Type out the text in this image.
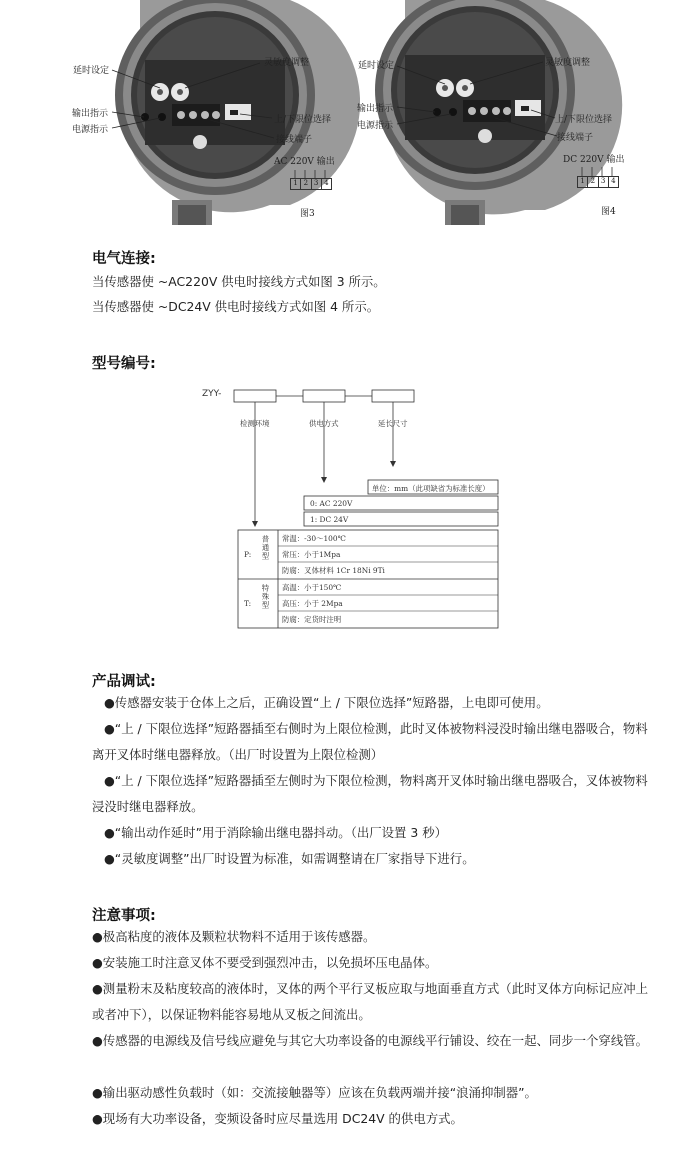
延时设定
灵敏度调整
输出指示
电源指示
上/下限位选择
接线端子
AC 220V 输出
1 2 3 4
图3
延时设定	灵敏度调整
输出指示
电源指示
上/下限位选择
接线端子
DC 220V 输出
1 2 3 4
图4
电气连接:
当传感器使 ~AC220V 供电时接线方式如图 3 所示。
当传感器使 ~DC24V 供电时接线方式如图 4 所示。
型号编号:
ZYY-
检测环境	供电方式	延长尺寸
单位：mm（此项缺省为标准长度）
0: AC 220V
1: DC 24V
P: 普通型 常温：-30～100℃
常压：小于1Mpa
防腐：叉体材料 1Cr 18Ni 9Ti
T: 特殊型 高温：小于150℃
高压：小于 2Mpa
防腐：定货时注明
产品调试:
●传感器安装于仓体上之后，正确设置“上 / 下限位选择”短路器，上电即可使用。
●“上 / 下限位选择”短路器插至右侧时为上限位检测，此时叉体被物料浸没时输出继电器吸合，物料离开叉体时继电器释放。（出厂时设置为上限位检测）
●“上 / 下限位选择”短路器插至左侧时为下限位检测，物料离开叉体时输出继电器吸合，叉体被物料浸没时继电器释放。
●“输出动作延时”用于消除输出继电器抖动。（出厂设置 3 秒）
●“灵敏度调整”出厂时设置为标准，如需调整请在厂家指导下进行。
注意事项:
●极高粘度的液体及颗粒状物料不适用于该传感器。
●安装施工时注意叉体不要受到强烈冲击，以免损坏压电晶体。
●测量粉末及粘度较高的液体时，叉体的两个平行叉板应取与地面垂直方式（此时叉体方向标记应冲上或者冲下），以保证物料能容易地从叉板之间流出。
●传感器的电源线及信号线应避免与其它大功率设备的电源线平行铺设、绞在一起、同步一个穿线管。
●输出驱动感性负载时（如：交流接触器等）应该在负载两端并接“浪涌抑制器”。
●现场有大功率设备，变频设备时应尽量选用 DC24V 的供电方式。
